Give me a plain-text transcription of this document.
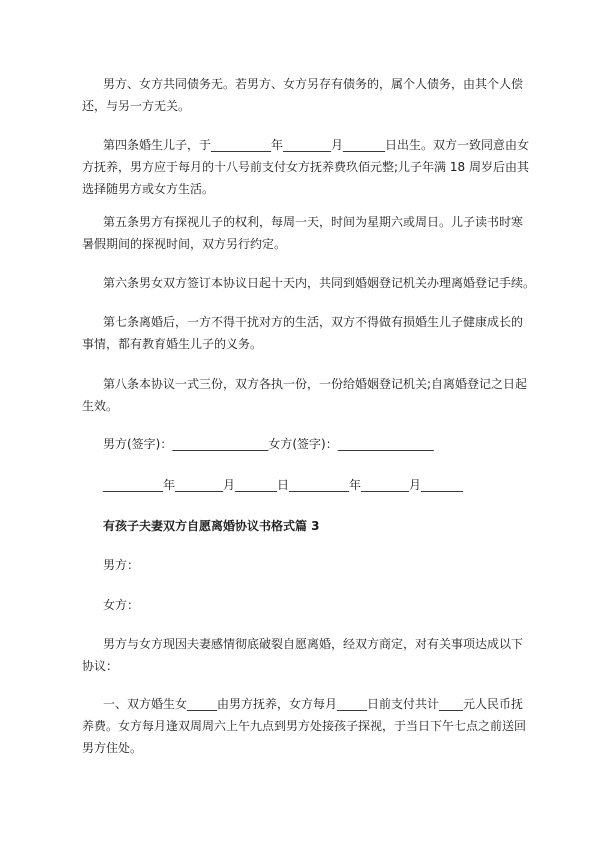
男方、女方共同债务无。若男方、女方另存有债务的，属个人债务，由其个人偿还，与另一方无关。

第四条婚生儿子，于__________年________月_______日出生。双方一致同意由女方抚养，男方应于每月的十八号前支付女方抚养费玖佰元整;儿子年满 18 周岁后由其选择随男方或女方生活。

第五条男方有探视儿子的权利，每周一天，时间为星期六或周日。儿子读书时寒暑假期间的探视时间，双方另行约定。

第六条男女双方签订本协议日起十天内，共同到婚姻登记机关办理离婚登记手续。

第七条离婚后，一方不得干扰对方的生活，双方不得做有损婚生儿子健康成长的事情，都有教育婚生儿子的义务。

第八条本协议一式三份，双方各执一份，一份给婚姻登记机关;自离婚登记之日起生效。

男方(签字)：________________女方(签字)：________________

__________年________月_______日__________年________月_______

有孩子夫妻双方自愿离婚协议书格式篇 3

男方：

女方：

男方与女方现因夫妻感情彻底破裂自愿离婚，经双方商定，对有关事项达成以下协议：

一、双方婚生女_____由男方抚养，女方每月_____日前支付共计____元人民币抚养费。女方每月逢双周周六上午九点到男方处接孩子探视，于当日下午七点之前送回男方住处。
